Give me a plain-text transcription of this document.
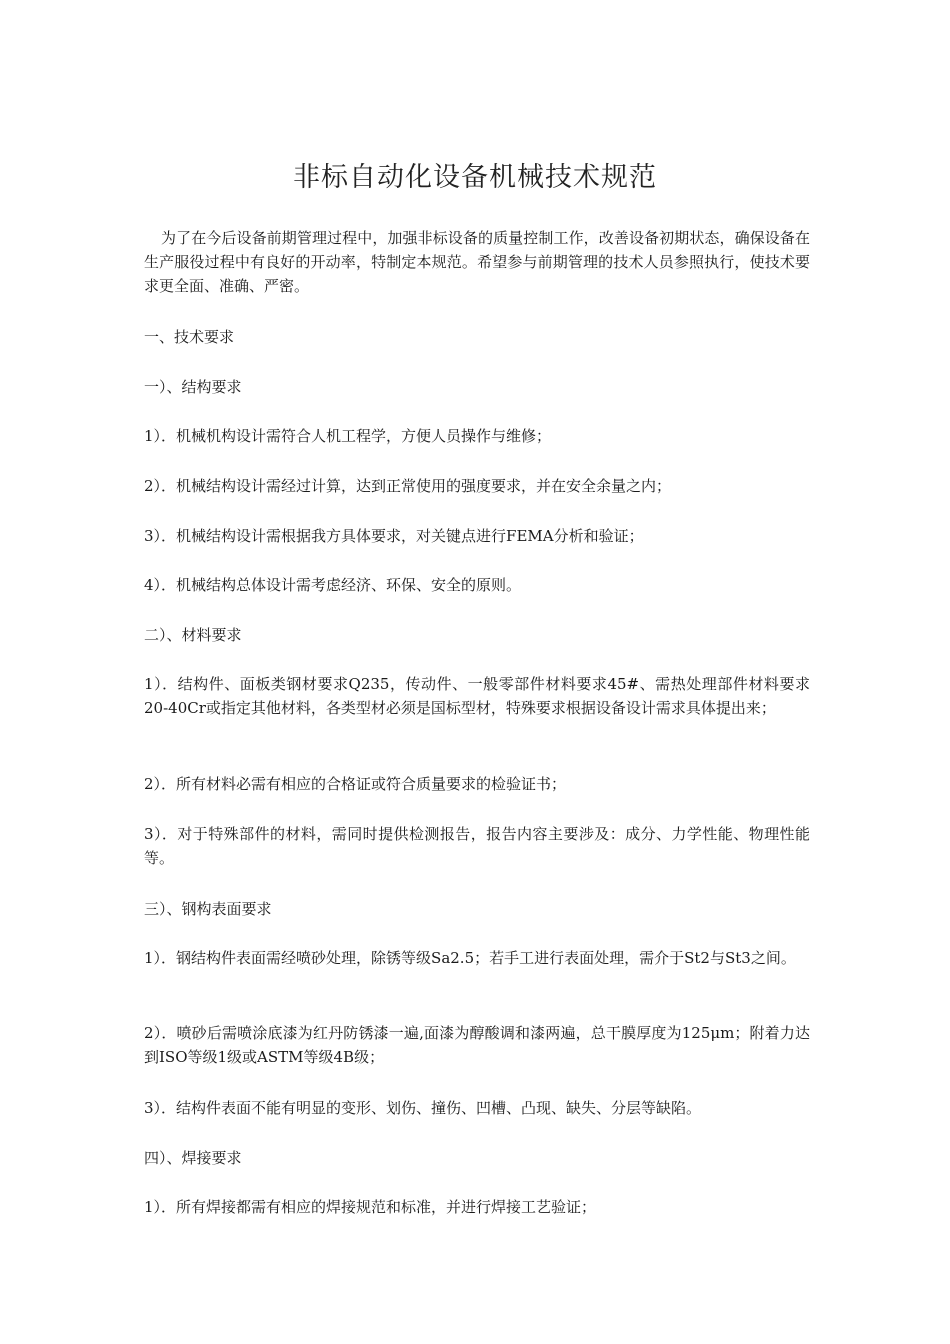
非标自动化设备机械技术规范

为了在今后设备前期管理过程中，加强非标设备的质量控制工作，改善设备初期状态，确保设备在生产服役过程中有良好的开动率，特制定本规范。希望参与前期管理的技术人员参照执行，使技术要求更全面、准确、严密。

一、技术要求

一）、结构要求

1）．机械机构设计需符合人机工程学，方便人员操作与维修；

2）．机械结构设计需经过计算，达到正常使用的强度要求，并在安全余量之内；

3）．机械结构设计需根据我方具体要求，对关键点进行FEMA分析和验证；

4）．机械结构总体设计需考虑经济、环保、安全的原则。

二）、材料要求

1）．结构件、面板类钢材要求Q235，传动件、一般零部件材料要求45#、需热处理部件材料要求20-40Cr或指定其他材料，各类型材必须是国标型材，特殊要求根据设备设计需求具体提出来；

2）．所有材料必需有相应的合格证或符合质量要求的检验证书；

3）．对于特殊部件的材料，需同时提供检测报告，报告内容主要涉及：成分、力学性能、物理性能等。

三）、钢构表面要求

1）．钢结构件表面需经喷砂处理，除锈等级Sa2.5；若手工进行表面处理，需介于St2与St3之间。

2）．喷砂后需喷涂底漆为红丹防锈漆一遍,面漆为醇酸调和漆两遍，总干膜厚度为125μm；附着力达到ISO等级1级或ASTM等级4B级；

3）．结构件表面不能有明显的变形、划伤、撞伤、凹槽、凸现、缺失、分层等缺陷。

四）、焊接要求

1）．所有焊接都需有相应的焊接规范和标准，并进行焊接工艺验证；
